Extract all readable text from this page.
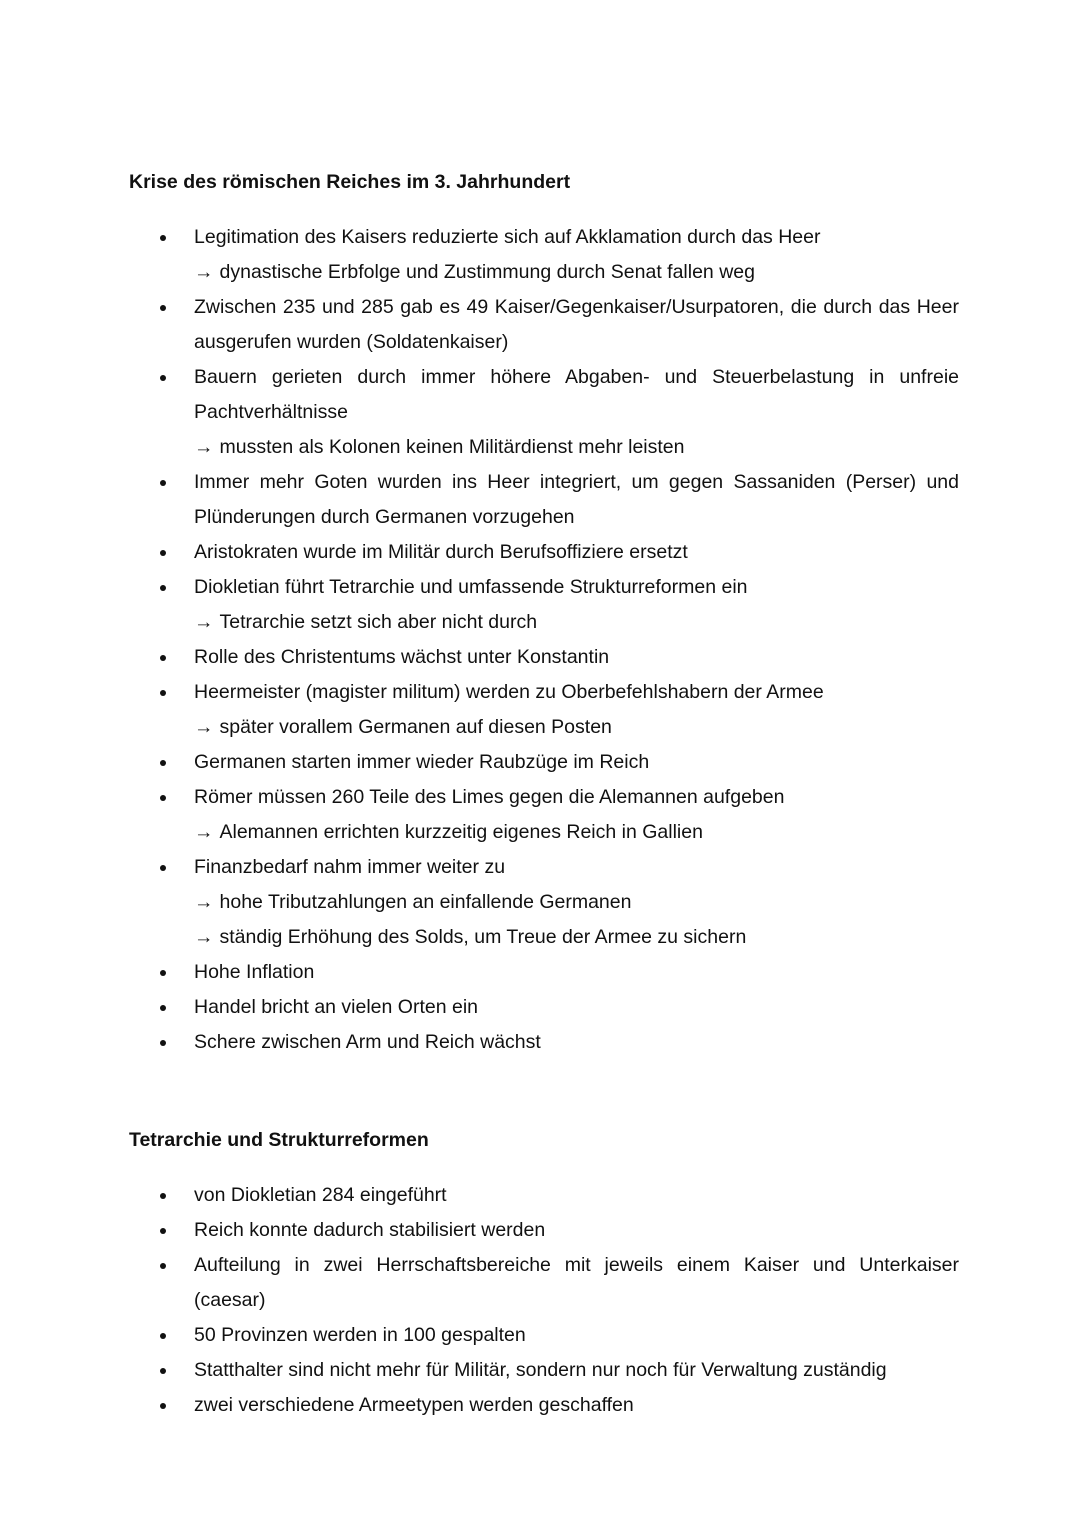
Krise des römischen Reiches im 3. Jahrhundert
Legitimation des Kaisers reduzierte sich auf Akklamation durch das Heer
→ dynastische Erbfolge und Zustimmung durch Senat fallen weg
Zwischen 235 und 285 gab es 49 Kaiser/Gegenkaiser/Usurpatoren, die durch das Heer
ausgerufen wurden (Soldatenkaiser)
Bauern gerieten durch immer höhere Abgaben- und Steuerbelastung in unfreie
Pachtverhältnisse
→ mussten als Kolonen keinen Militärdienst mehr leisten
Immer mehr Goten wurden ins Heer integriert, um gegen Sassaniden (Perser) und
Plünderungen durch Germanen vorzugehen
Aristokraten wurde im Militär durch Berufsoffiziere ersetzt
Diokletian führt Tetrarchie und umfassende Strukturreformen ein
→ Tetrarchie setzt sich aber nicht durch
Rolle des Christentums wächst unter Konstantin
Heermeister (magister militum) werden zu Oberbefehlshabern der Armee
→ später vorallem Germanen auf diesen Posten
Germanen starten immer wieder Raubzüge im Reich
Römer müssen 260 Teile des Limes gegen die Alemannen aufgeben
→ Alemannen errichten kurzzeitig eigenes Reich in Gallien
Finanzbedarf nahm immer weiter zu
→ hohe Tributzahlungen an einfallende Germanen
→ ständig Erhöhung des Solds, um Treue der Armee zu sichern
Hohe Inflation
Handel bricht an vielen Orten ein
Schere zwischen Arm und Reich wächst
Tetrarchie und Strukturreformen
von Diokletian 284 eingeführt
Reich konnte dadurch stabilisiert werden
Aufteilung in zwei Herrschaftsbereiche mit jeweils einem Kaiser und Unterkaiser
(caesar)
50 Provinzen werden in 100 gespalten
Statthalter sind nicht mehr für Militär, sondern nur noch für Verwaltung zuständig
zwei verschiedene Armeetypen werden geschaffen
